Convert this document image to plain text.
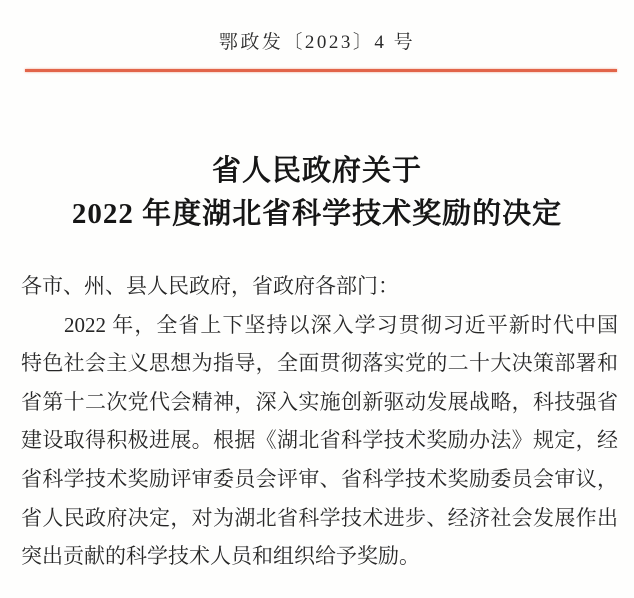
鄂政发〔2023〕4 号
省人民政府关于
2022 年度湖北省科学技术奖励的决定
各市、州、县人民政府，省政府各部门：
2022 年，全省上下坚持以深入学习贯彻习近平新时代中国
特色社会主义思想为指导，全面贯彻落实党的二十大决策部署和
省第十二次党代会精神，深入实施创新驱动发展战略，科技强省
建设取得积极进展。根据《湖北省科学技术奖励办法》规定，经
省科学技术奖励评审委员会评审、省科学技术奖励委员会审议，
省人民政府决定，对为湖北省科学技术进步、经济社会发展作出
突出贡献的科学技术人员和组织给予奖励。
